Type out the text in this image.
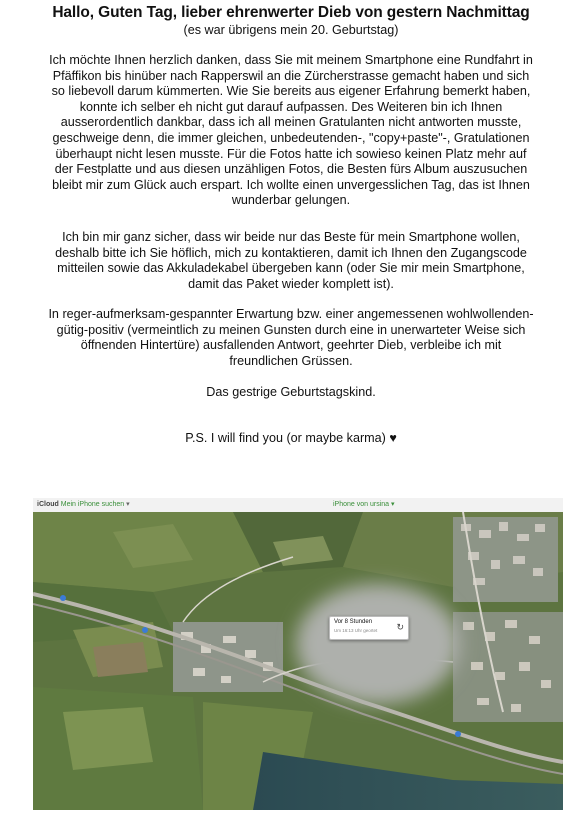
Hallo, Guten Tag, lieber ehrenwerter Dieb von gestern Nachmittag
(es war übrigens mein 20. Geburtstag)
Ich möchte Ihnen herzlich danken, dass Sie mit meinem Smartphone eine Rundfahrt in
Pfäffikon bis hinüber nach Rapperswil an die Zürcherstrasse gemacht haben und sich
so liebevoll darum kümmerten. Wie Sie bereits aus eigener Erfahrung bemerkt haben,
konnte ich selber eh nicht gut darauf aufpassen. Des Weiteren bin ich Ihnen
ausserordentlich dankbar, dass ich all meinen Gratulanten nicht antworten musste,
geschweige denn, die immer gleichen, unbedeutenden-, "copy+paste"-, Gratulationen
überhaupt nicht lesen musste. Für die Fotos hatte ich sowieso keinen Platz mehr auf
der Festplatte und aus diesen unzähligen Fotos, die Besten fürs Album auszusuchen
bleibt mir zum Glück auch erspart. Ich wollte einen unvergesslichen Tag, das ist Ihnen
wunderbar gelungen.
Ich bin mir ganz sicher, dass wir beide nur das Beste für mein Smartphone wollen,
deshalb bitte ich Sie höflich, mich zu kontaktieren, damit ich Ihnen den Zugangscode
mitteilen sowie das Akkuladekabel übergeben kann (oder Sie mir mein Smartphone,
damit das Paket wieder komplett ist).
In reger-aufmerksam-gespannter Erwartung bzw. einer angemessenen wohlwollenden-
gütig-positiv (vermeintlich zu meinen Gunsten durch eine in unerwarteter Weise sich
öffnenden Hintertüre) ausfallenden Antwort, geehrter Dieb, verbleibe ich mit
freundlichen Grüssen.
Das gestrige Geburtstagskind.
P.S. I will find you (or maybe karma) ♥
iCloud Mein iPhone suchen ▾	iPhone von ursina ▾
Vor 8 Stunden
Um 16:13 Uhr geortet ↻
